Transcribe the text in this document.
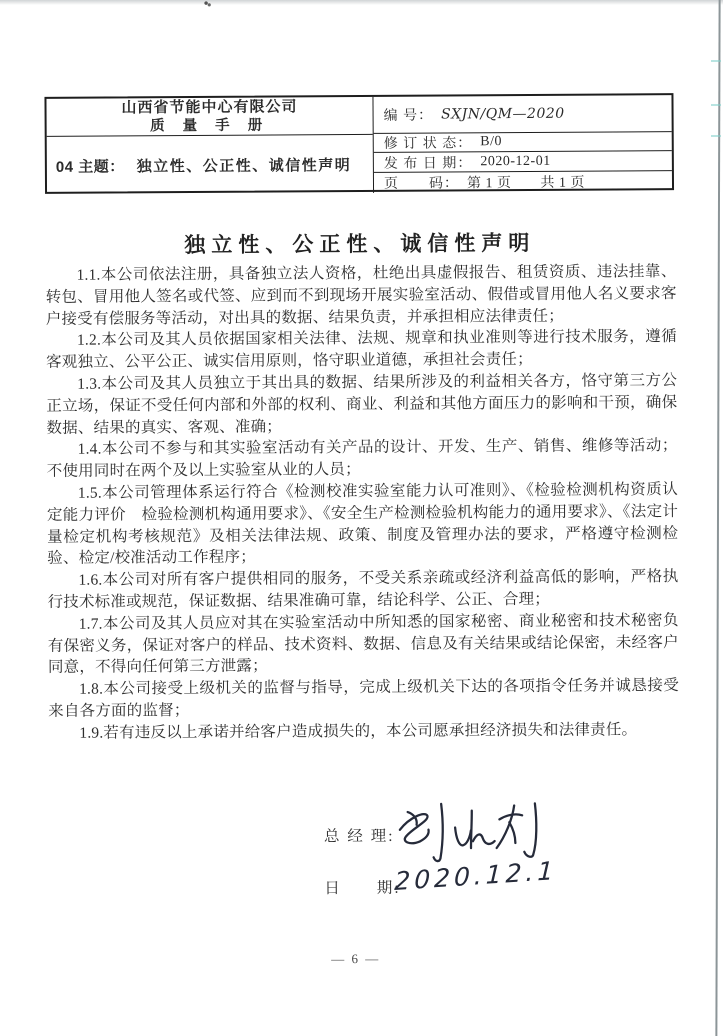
山西省节能中心有限公司
质 量 手 册
04 主题： 独立性、公正性、诚信性声明
编 号： SXJN/QM—2020
修 订 状 态： B/0
发 布 日 期： 2020-12-01
页　　码： 第 1 页　　共 1 页
独立性、公正性、诚信性声明

1.1.本公司依法注册，具备独立法人资格，杜绝出具虚假报告、租赁资质、违法挂靠、转包、冒用他人签名或代签、应到而不到现场开展实验室活动、假借或冒用他人名义要求客户接受有偿服务等活动，对出具的数据、结果负责，并承担相应法律责任；

1.2.本公司及其人员依据国家相关法律、法规、规章和执业准则等进行技术服务，遵循客观独立、公平公正、诚实信用原则，恪守职业道德，承担社会责任；

1.3.本公司及其人员独立于其出具的数据、结果所涉及的利益相关各方，恪守第三方公正立场，保证不受任何内部和外部的权利、商业、利益和其他方面压力的影响和干预，确保数据、结果的真实、客观、准确；

1.4.本公司不参与和其实验室活动有关产品的设计、开发、生产、销售、维修等活动；不使用同时在两个及以上实验室从业的人员；

1.5.本公司管理体系运行符合《检测校准实验室能力认可准则》、《检验检测机构资质认定能力评价　检验检测机构通用要求》、《安全生产检测检验机构能力的通用要求》、《法定计量检定机构考核规范》及相关法律法规、政策、制度及管理办法的要求，严格遵守检测检验、检定/校准活动工作程序；

1.6.本公司对所有客户提供相同的服务，不受关系亲疏或经济利益高低的影响，严格执行技术标准或规范，保证数据、结果准确可靠，结论科学、公正、合理；

1.7.本公司及其人员应对其在实验室活动中所知悉的国家秘密、商业秘密和技术秘密负有保密义务，保证对客户的样品、技术资料、数据、信息及有关结果或结论保密，未经客户同意，不得向任何第三方泄露；

1.8.本公司接受上级机关的监督与指导，完成上级机关下达的各项指令任务并诚恳接受来自各方面的监督；

1.9.若有违反以上承诺并给客户造成损失的，本公司愿承担经济损失和法律责任。

总 经 理:
日　　期:
2020.12.1
— 6 —
